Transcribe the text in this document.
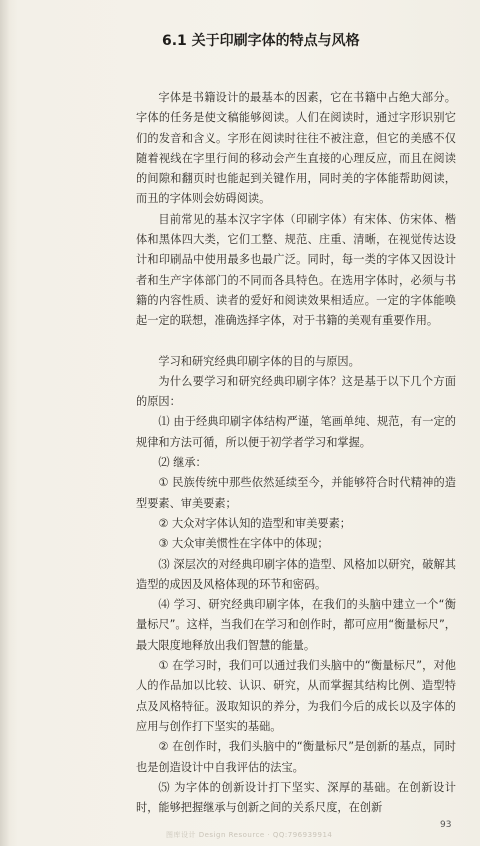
6.1 关于印刷字体的特点与风格

字体是书籍设计的最基本的因素，它在书籍中占绝大部分。字体的任务是使文稿能够阅读。人们在阅读时，通过字形识别它们的发音和含义。字形在阅读时往往不被注意，但它的美感不仅随着视线在字里行间的移动会产生直接的心理反应，而且在阅读的间隙和翻页时也能起到关键作用，同时美的字体能帮助阅读，而丑的字体则会妨碍阅读。

目前常见的基本汉字字体（印刷字体）有宋体、仿宋体、楷体和黑体四大类，它们工整、规范、庄重、清晰，在视觉传达设计和印刷品中使用最多也最广泛。同时，每一类的字体又因设计者和生产字体部门的不同而各具特色。在选用字体时，必须与书籍的内容性质、读者的爱好和阅读效果相适应。一定的字体能唤起一定的联想，准确选择字体，对于书籍的美观有重要作用。

学习和研究经典印刷字体的目的与原因。

为什么要学习和研究经典印刷字体？这是基于以下几个方面的原因：

⑴ 由于经典印刷字体结构严谨，笔画单纯、规范，有一定的规律和方法可循，所以便于初学者学习和掌握。

⑵ 继承：

① 民族传统中那些依然延续至今，并能够符合时代精神的造型要素、审美要素；

② 大众对字体认知的造型和审美要素；

③ 大众审美惯性在字体中的体现；

⑶ 深层次的对经典印刷字体的造型、风格加以研究，破解其造型的成因及风格体现的环节和密码。

⑷ 学习、研究经典印刷字体，在我们的头脑中建立一个“衡量标尺”。这样，当我们在学习和创作时，都可应用“衡量标尺”，最大限度地释放出我们智慧的能量。

① 在学习时，我们可以通过我们头脑中的“衡量标尺”，对他人的作品加以比较、认识、研究，从而掌握其结构比例、造型特点及风格特征。汲取知识的养分，为我们今后的成长以及字体的应用与创作打下坚实的基础。

② 在创作时，我们头脑中的“衡量标尺”是创新的基点，同时也是创造设计中自我评估的法宝。

⑸ 为字体的创新设计打下坚实、深厚的基础。在创新设计时，能够把握继承与创新之间的关系尺度，在创新

93
图库设计 Design Resource · QQ:796939914
